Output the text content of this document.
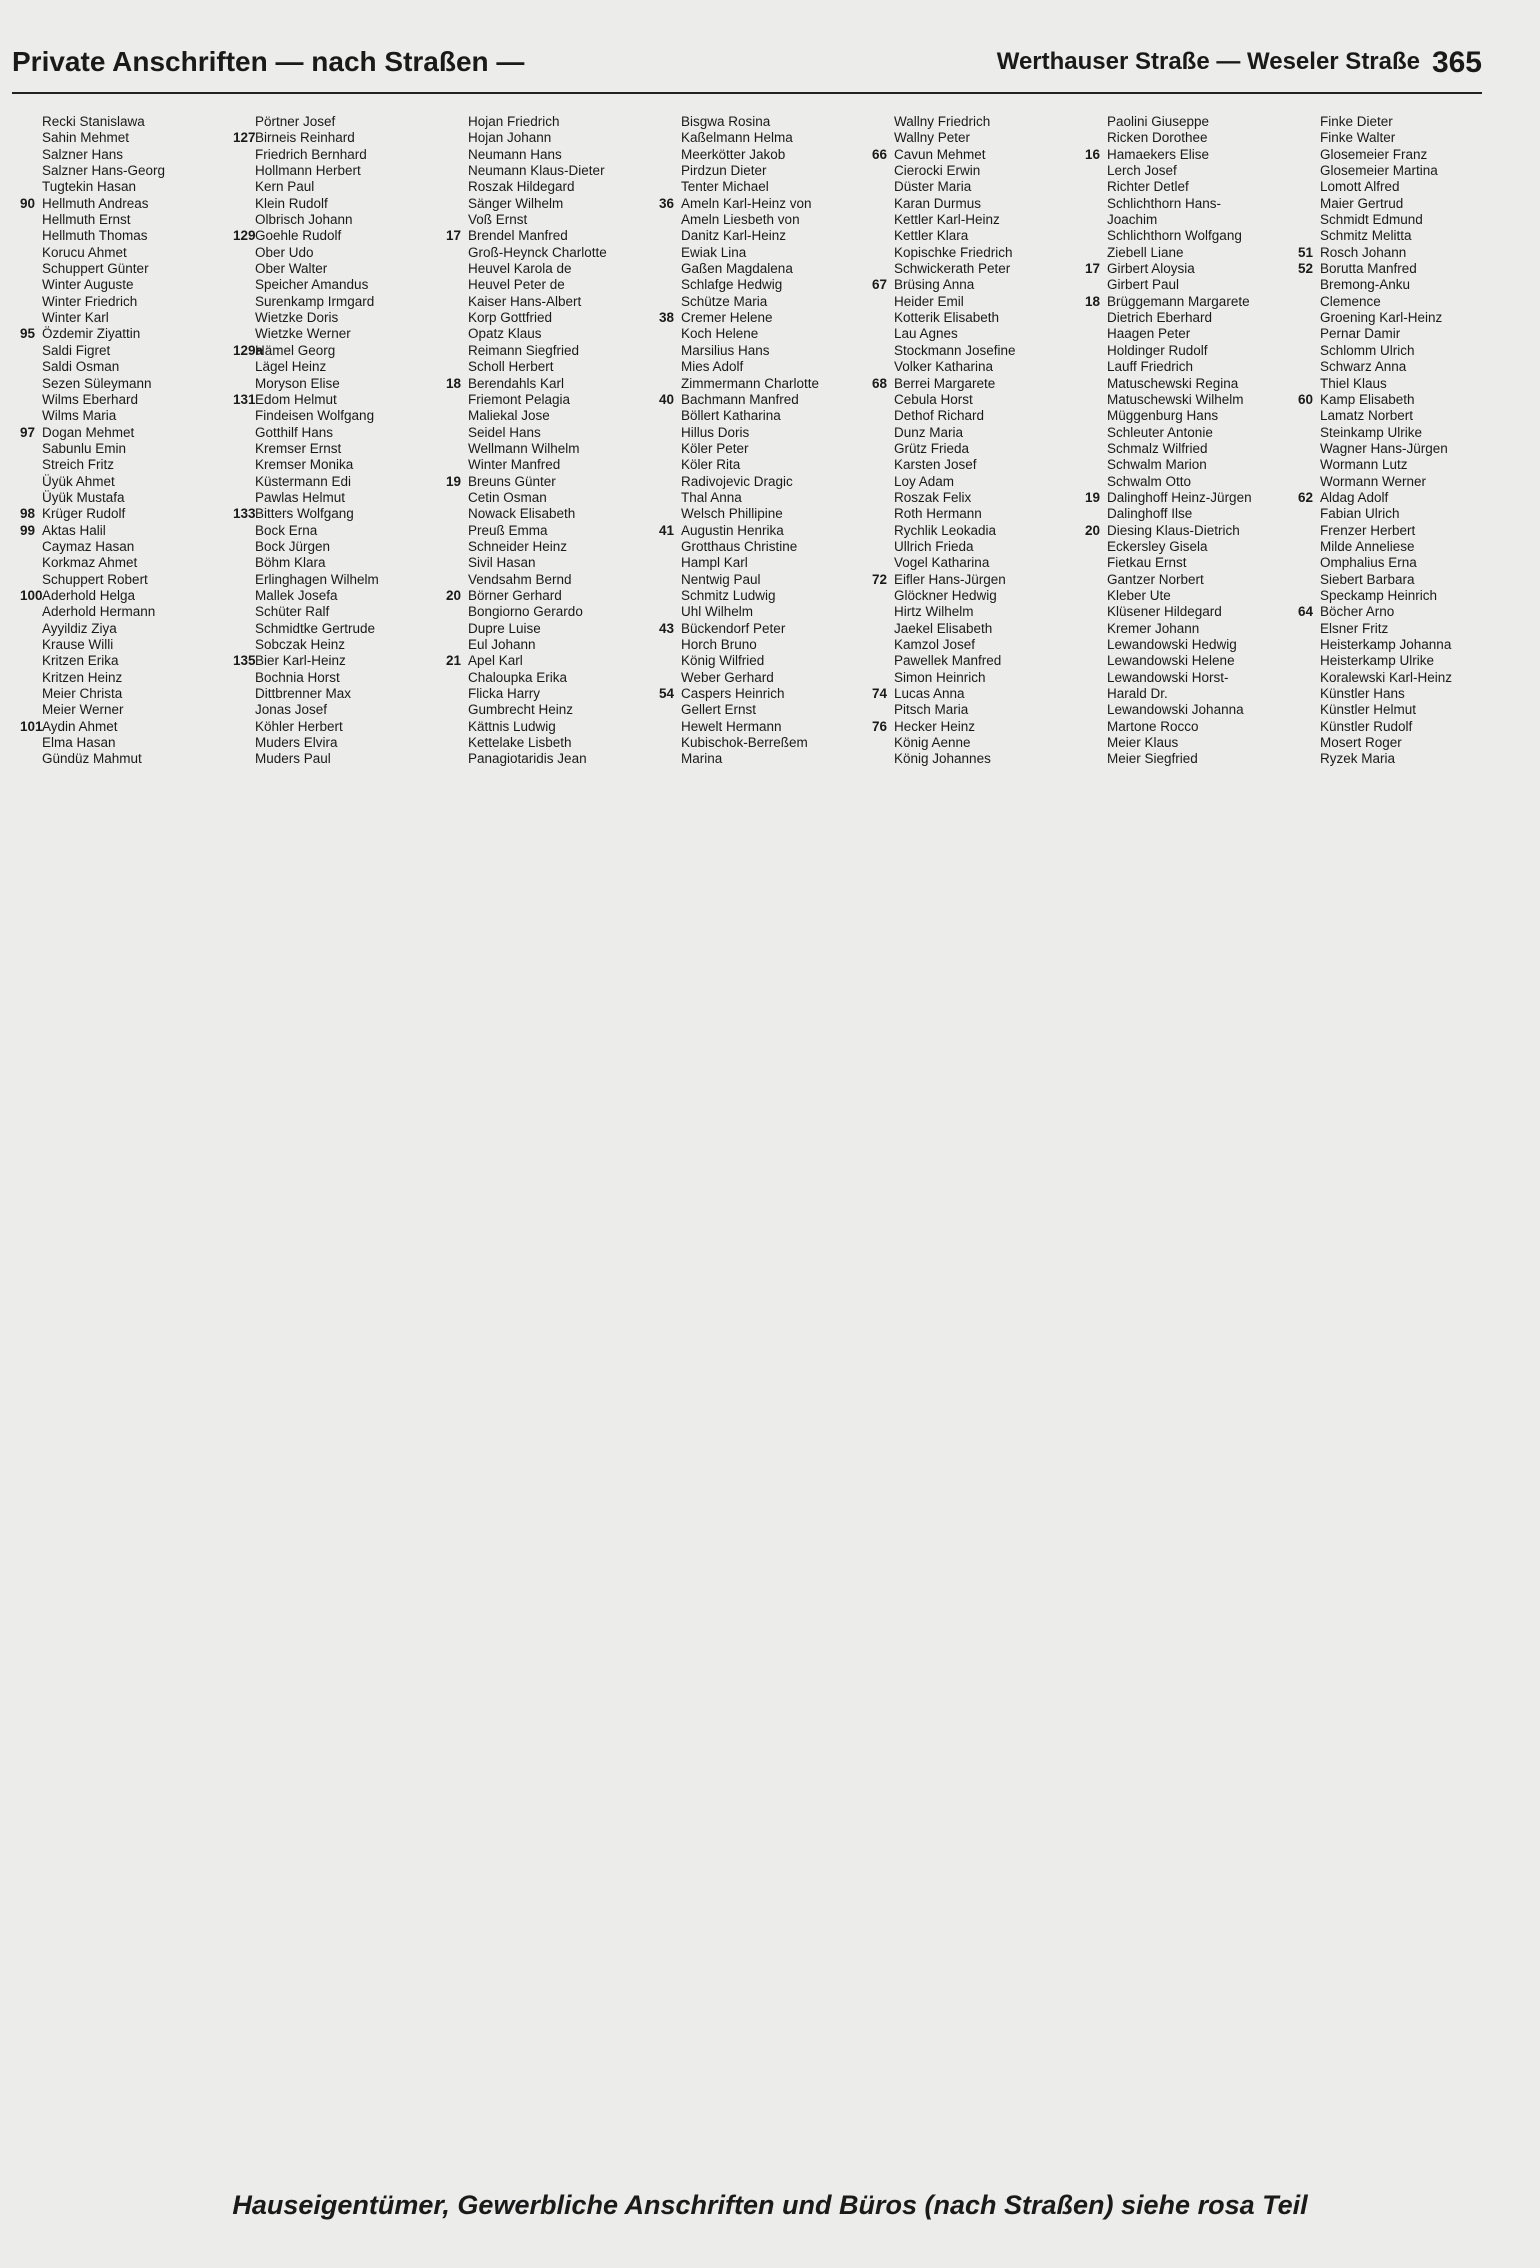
Private Anschriften — nach Straßen —	Werthauser Straße — Weseler Straße 365
Recki Stanislawa
Sahin Mehmet
Salzner Hans
Salzner Hans-Georg
Tugtekin Hasan
90 Hellmuth Andreas
Hellmuth Ernst
Hellmuth Thomas
Korucu Ahmet
Schuppert Günter
Winter Auguste
Winter Friedrich
Winter Karl
95 Özdemir Ziyattin
Saldi Figret
Saldi Osman
Sezen Süleymann
Wilms Eberhard
Wilms Maria
97 Dogan Mehmet
Sabunlu Emin
Streich Fritz
Üyük Ahmet
Üyük Mustafa
98 Krüger Rudolf
99 Aktas Halil
Caymaz Hasan
Korkmaz Ahmet
Schuppert Robert
100 Aderhold Helga
Aderhold Hermann
Ayyildiz Ziya
Krause Willi
Kritzen Erika
Kritzen Heinz
Meier Christa
Meier Werner
101 Aydin Ahmet
Elma Hasan
Gündüz Mahmut
Pörtner Josef
127 Birneis Reinhard
Friedrich Bernhard
Hollmann Herbert
Kern Paul
Klein Rudolf
Olbrisch Johann
129 Goehle Rudolf
Ober Udo
Ober Walter
Speicher Amandus
Surenkamp Irmgard
Wietzke Doris
Wietzke Werner
129a
Hämel Georg
Lägel Heinz
Moryson Elise
131 Edom Helmut
Findeisen Wolfgang
Gotthilf Hans
Kremser Ernst
Kremser Monika
Küstermann Edi
Pawlas Helmut
133 Bitters Wolfgang
Bock Erna
Bock Jürgen
Böhm Klara
Erlinghagen Wilhelm
Mallek Josefa
Schüter Ralf
Schmidtke Gertrude
Sobczak Heinz
135 Bier Karl-Heinz
Bochnia Horst
Dittbrenner Max
Jonas Josef
Köhler Herbert
Muders Elvira
Muders Paul
Hojan Friedrich
Hojan Johann
Neumann Hans
Neumann Klaus-Dieter
Roszak Hildegard
Sänger Wilhelm
Voß Ernst
17 Brendel Manfred
Groß-Heynck Charlotte
Heuvel Karola de
Heuvel Peter de
Kaiser Hans-Albert
Korp Gottfried
Opatz Klaus
Reimann Siegfried
Scholl Herbert
18 Berendahls Karl
Friemont Pelagia
Maliekal Jose
Seidel Hans
Wellmann Wilhelm
Winter Manfred
19 Breuns Günter
Cetin Osman
Nowack Elisabeth
Preuß Emma
Schneider Heinz
Sivil Hasan
Vendsahm Bernd
20 Börner Gerhard
Bongiorno Gerardo
Dupre Luise
Eul Johann
21 Apel Karl
Chaloupka Erika
Flicka Harry
Gumbrecht Heinz
Kättnis Ludwig
Kettelake Lisbeth
Panagiotaridis Jean
Bisgwa Rosina
Kaßelmann Helma
Meerkötter Jakob
Pirdzun Dieter
Tenter Michael
36 Ameln Karl-Heinz von
Ameln Liesbeth von
Danitz Karl-Heinz
Ewiak Lina
Gaßen Magdalena
Schlafge Hedwig
Schütze Maria
38 Cremer Helene
Koch Helene
Marsilius Hans
Mies Adolf
Zimmermann Charlotte
40 Bachmann Manfred
Böllert Katharina
Hillus Doris
Köler Peter
Köler Rita
Radivojevic Dragic
Thal Anna
Welsch Phillipine
41 Augustin Henrika
Grotthaus Christine
Hampl Karl
Nentwig Paul
Schmitz Ludwig
Uhl Wilhelm
43 Bückendorf Peter
Horch Bruno
König Wilfried
Weber Gerhard
54 Caspers Heinrich
Gellert Ernst
Hewelt Hermann
Kubischok-Berreßem
Marina
Wallny Friedrich
Wallny Peter
66 Cavun Mehmet
Cierocki Erwin
Düster Maria
Karan Durmus
Kettler Karl-Heinz
Kettler Klara
Kopischke Friedrich
Schwickerath Peter
67 Brüsing Anna
Heider Emil
Kotterik Elisabeth
Lau Agnes
Stockmann Josefine
Volker Katharina
68 Berrei Margarete
Cebula Horst
Dethof Richard
Dunz Maria
Grütz Frieda
Karsten Josef
Loy Adam
Roszak Felix
Roth Hermann
Rychlik Leokadia
Ullrich Frieda
Vogel Katharina
72 Eifler Hans-Jürgen
Glöckner Hedwig
Hirtz Wilhelm
Jaekel Elisabeth
Kamzol Josef
Pawellek Manfred
Simon Heinrich
74 Lucas Anna
Pitsch Maria
76 Hecker Heinz
König Aenne
König Johannes
Paolini Giuseppe
Ricken Dorothee
16 Hamaekers Elise
Lerch Josef
Richter Detlef
Schlichthorn Hans-
Joachim
Schlichthorn Wolfgang
Ziebell Liane
17 Girbert Aloysia
Girbert Paul
18 Brüggemann Margarete
Dietrich Eberhard
Haagen Peter
Holdinger Rudolf
Lauff Friedrich
Matuschewski Regina
Matuschewski Wilhelm
Müggenburg Hans
Schleuter Antonie
Schmalz Wilfried
Schwalm Marion
Schwalm Otto
19 Dalinghoff Heinz-Jürgen
Dalinghoff Ilse
20 Diesing Klaus-Dietrich
Eckersley Gisela
Fietkau Ernst
Gantzer Norbert
Kleber Ute
Klüsener Hildegard
Kremer Johann
Lewandowski Hedwig
Lewandowski Helene
Lewandowski Horst-
Harald Dr.
Lewandowski Johanna
Martone Rocco
Meier Klaus
Meier Siegfried
Finke Dieter
Finke Walter
Glosemeier Franz
Glosemeier Martina
Lomott Alfred
Maier Gertrud
Schmidt Edmund
Schmitz Melitta
51 Rosch Johann
52 Borutta Manfred
Bremong-Anku
Clemence
Groening Karl-Heinz
Pernar Damir
Schlomm Ulrich
Schwarz Anna
Thiel Klaus
60 Kamp Elisabeth
Lamatz Norbert
Steinkamp Ulrike
Wagner Hans-Jürgen
Wormann Lutz
Wormann Werner
62 Aldag Adolf
Fabian Ulrich
Frenzer Herbert
Milde Anneliese
Omphalius Erna
Siebert Barbara
Speckamp Heinrich
64 Böcher Arno
Elsner Fritz
Heisterkamp Johanna
Heisterkamp Ulrike
Koralewski Karl-Heinz
Künstler Hans
Künstler Helmut
Künstler Rudolf
Mosert Roger
Ryzek Maria
Hauseigentümer, Gewerbliche Anschriften und Büros (nach Straßen) siehe rosa Teil
